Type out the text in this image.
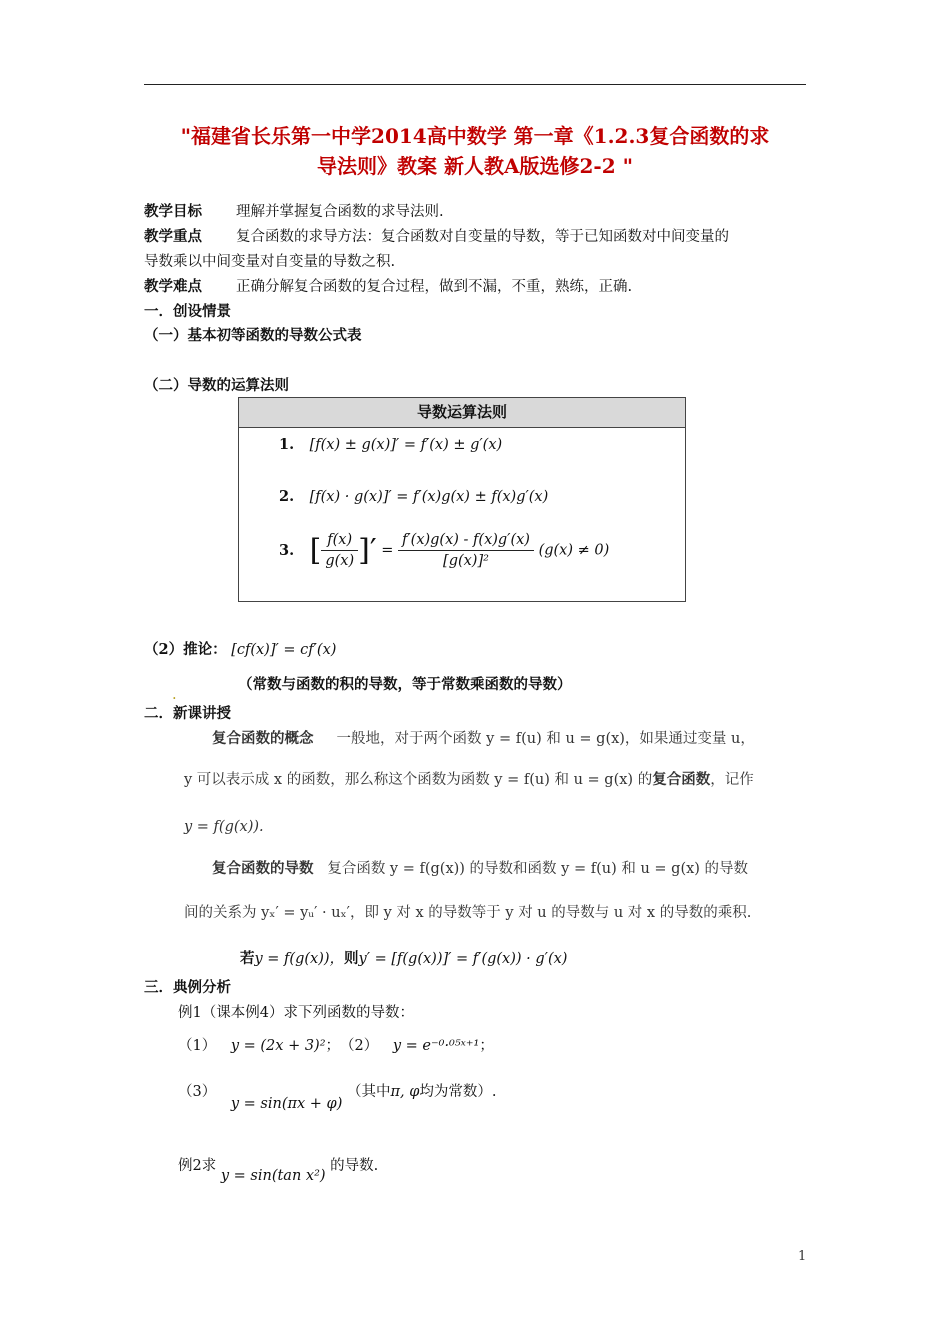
"福建省长乐第一中学2014高中数学 第一章《1.2.3复合函数的求
导法则》教案 新人教A版选修2-2 "
教学目标 理解并掌握复合函数的求导法则.
教学重点 复合函数的求导方法：复合函数对自变量的导数，等于已知函数对中间变量的
导数乘以中间变量对自变量的导数之积.
教学难点 正确分解复合函数的复合过程，做到不漏，不重，熟练，正确.
一．创设情景
（一）基本初等函数的导数公式表
（二）导数的运算法则
导数运算法则
1. [f(x) ± g(x)]′ = f′(x) ± g′(x)
2. [f(x) · g(x)]′ = f′(x)g(x) ± f(x)g′(x)
3. [ $\frac{f(x)}{g(x)}$ ]′ = $\frac{f'(x)g(x) - f(x)g'(x)}{\text{[g(x)]²}} (g(x) \ne 0)$
（2）推论： [cf(x)]′ = cf′(x)
.
（常数与函数的积的导数，等于常数乘函数的导数）
二．新课讲授
复合函数的概念 一般地，对于两个函数 y = f(u) 和 u = g(x)，如果通过变量 u，
y 可以表示成 x 的函数，那么称这个函数为函数 y = f(u) 和 u = g(x) 的复合函数，记作
y = f(g(x)).
复合函数的导数 复合函数 y = f(g(x)) 的导数和函数 y = f(u) 和 u = g(x) 的导数
间的关系为 yₓ′ = yᵤ′ · uₓ′，即 y 对 x 的导数等于 y 对 u 的导数与 u 对 x 的导数的乘积.
若y = f(g(x))，则y′ = [f(g(x))]′ = f′(g(x)) · g′(x)
三．典例分析
例1（课本例4）求下列函数的导数：
（1） y = (2x + 3)²； （2） y = e⁻⁰·⁰⁵ˣ⁺¹；
（3） y = sin(πx + φ) （其中π, φ均为常数）.
例2求 y = sin(tan x²) 的导数.
1
